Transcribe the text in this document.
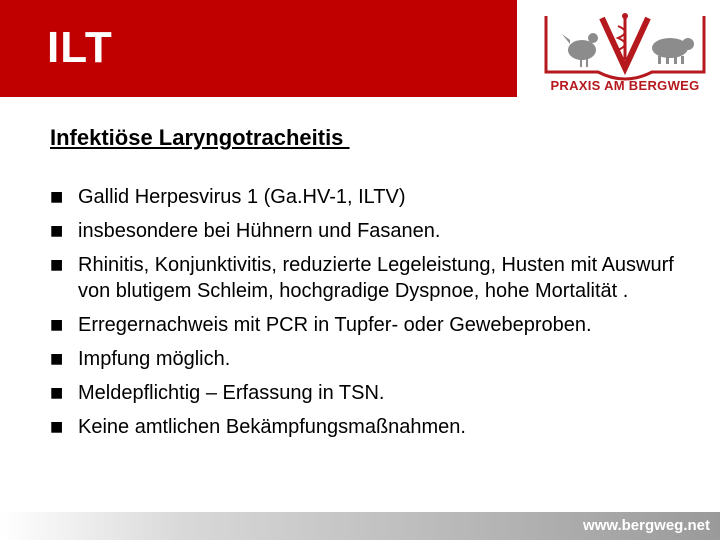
ILT
PRAXIS AM BERGWEG
Infektiöse Laryngotracheitis
■ Gallid Herpesvirus 1 (Ga.HV-1, ILTV)
■ insbesondere bei Hühnern und Fasanen.
■ Rhinitis, Konjunktivitis, reduzierte Legeleistung, Husten mit Auswurf von blutigem Schleim, hochgradige Dyspnoe, hohe Mortalität .
■ Erregernachweis mit PCR in Tupfer- oder Gewebeproben.
■ Impfung möglich.
■ Meldepflichtig – Erfassung in TSN.
■ Keine amtlichen Bekämpfungsmaßnahmen.
www.bergweg.net
